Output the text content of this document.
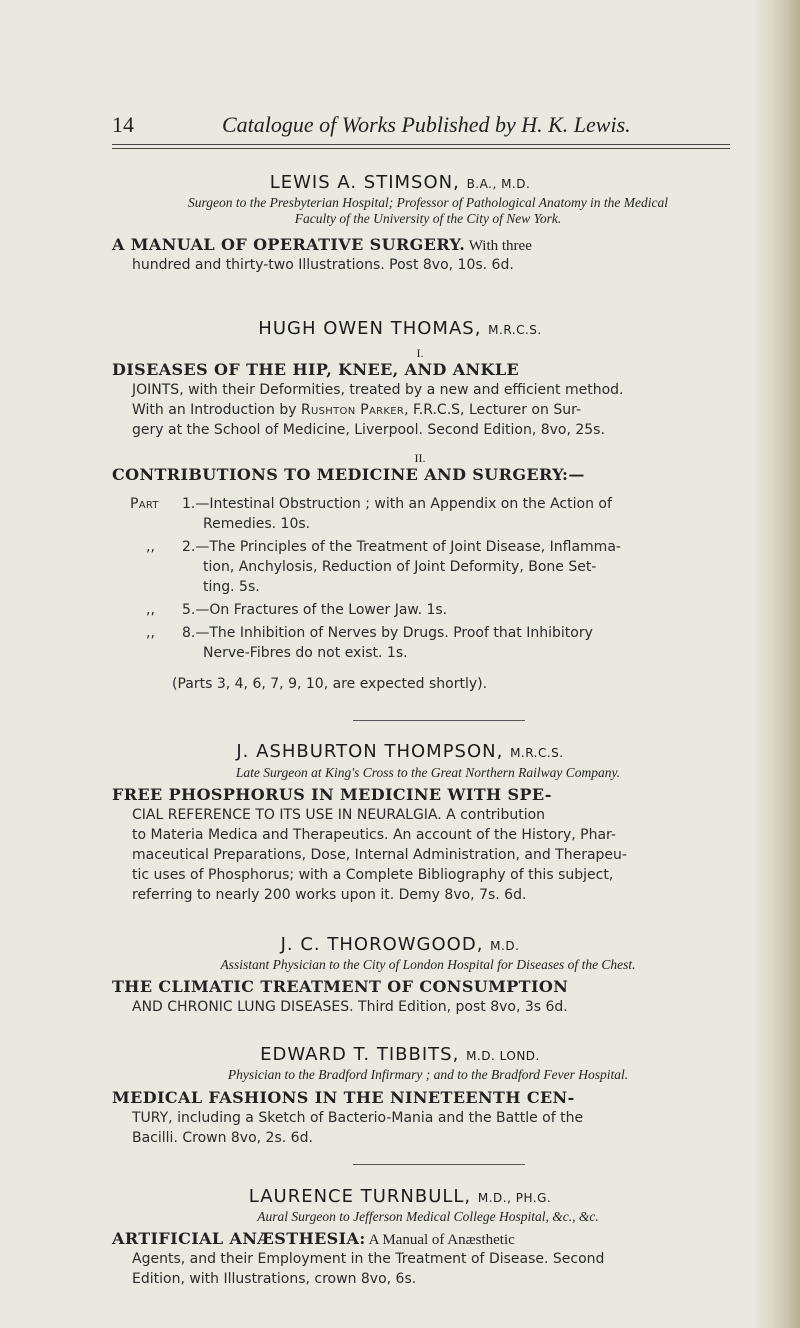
14	Catalogue of Works Published by H. K. Lewis.
LEWIS A. STIMSON, B.A., M.D.
Surgeon to the Presbyterian Hospital; Professor of Pathological Anatomy in the Medical
Faculty of the University of the City of New York.
A MANUAL OF OPERATIVE SURGERY. With three
hundred and thirty-two Illustrations. Post 8vo, 10s. 6d.
HUGH OWEN THOMAS, M.R.C.S.
I.
DISEASES OF THE HIP, KNEE, AND ANKLE
JOINTS, with their Deformities, treated by a new and efficient method.
With an Introduction by Rushton Parker, F.R.C.S, Lecturer on Sur-
gery at the School of Medicine, Liverpool. Second Edition, 8vo, 25s.
II.
CONTRIBUTIONS TO MEDICINE AND SURGERY:—
Part	1.—Intestinal Obstruction ; with an Appendix on the Action of
Remedies. 10s.
,,	2.—The Principles of the Treatment of Joint Disease, Inflamma-
tion, Anchylosis, Reduction of Joint Deformity, Bone Set-
ting. 5s.
,,	5.—On Fractures of the Lower Jaw. 1s.
,,	8.—The Inhibition of Nerves by Drugs. Proof that Inhibitory
Nerve-Fibres do not exist. 1s.
(Parts 3, 4, 6, 7, 9, 10, are expected shortly).
J. ASHBURTON THOMPSON, M.R.C.S.
Late Surgeon at King's Cross to the Great Northern Railway Company.
FREE PHOSPHORUS IN MEDICINE WITH SPE-
CIAL REFERENCE TO ITS USE IN NEURALGIA. A contribution
to Materia Medica and Therapeutics. An account of the History, Phar-
maceutical Preparations, Dose, Internal Administration, and Therapeu-
tic uses of Phosphorus; with a Complete Bibliography of this subject,
referring to nearly 200 works upon it. Demy 8vo, 7s. 6d.
J. C. THOROWGOOD, M.D.
Assistant Physician to the City of London Hospital for Diseases of the Chest.
THE CLIMATIC TREATMENT OF CONSUMPTION
AND CHRONIC LUNG DISEASES. Third Edition, post 8vo, 3s 6d.
EDWARD T. TIBBITS, M.D. LOND.
Physician to the Bradford Infirmary ; and to the Bradford Fever Hospital.
MEDICAL FASHIONS IN THE NINETEENTH CEN-
TURY, including a Sketch of Bacterio-Mania and the Battle of the
Bacilli. Crown 8vo, 2s. 6d.
LAURENCE TURNBULL, M.D., PH.G.
Aural Surgeon to Jefferson Medical College Hospital, &c., &c.
ARTIFICIAL ANÆSTHESIA: A Manual of Anæsthetic
Agents, and their Employment in the Treatment of Disease. Second
Edition, with Illustrations, crown 8vo, 6s.
